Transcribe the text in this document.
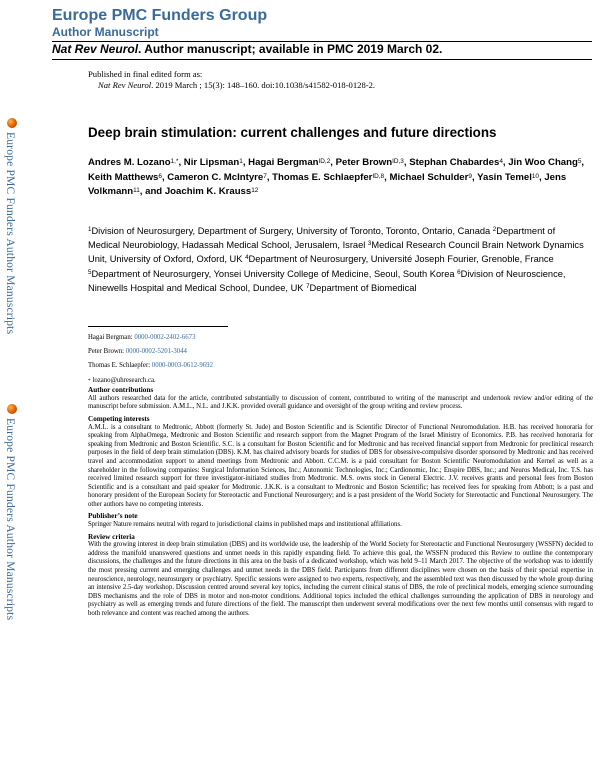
Europe PMC Funders Group
Author Manuscript
Nat Rev Neurol. Author manuscript; available in PMC 2019 March 02.
Europe PMC Funders Author Manuscripts
Europe PMC Funders Author Manuscripts
Published in final edited form as:
Nat Rev Neurol. 2019 March ; 15(3): 148–160. doi:10.1038/s41582-018-0128-2.
Deep brain stimulation: current challenges and future directions
Andres M. Lozano$^{1,*}$, Nir Lipsman$^1$, Hagai Bergman$^{ID,2}$, Peter Brown$^{ID,3}$, Stephan Chabardes$^4$, Jin Woo Chang$^5$, Keith Matthews$^6$, Cameron C. McIntyre$^7$, Thomas E. Schlaepfer$^{ID,8}$, Michael Schulder$^9$, Yasin Temel$^{10}$, Jens Volkmann$^{11}$, and Joachim K. Krauss$^{12}$
$^1$Division of Neurosurgery, Department of Surgery, University of Toronto, Toronto, Ontario, Canada $^2$Department of Medical Neurobiology, Hadassah Medical School, Jerusalem, Israel $^3$Medical Research Council Brain Network Dynamics Unit, University of Oxford, Oxford, UK $^4$Department of Neurosurgery, Université Joseph Fourier, Grenoble, France $^5$Department of Neurosurgery, Yonsei University College of Medicine, Seoul, South Korea $^6$Division of Neuroscience, Ninewells Hospital and Medical School, Dundee, UK $^7$Department of Biomedical
Hagai Bergman: 0000-0002-2402-6673
Peter Brown: 0000-0002-5201-3044
Thomas E. Schlaepfer: 0000-0003-0612-9692
* lozano@uhresearch.ca.
Author contributions

All authors researched data for the article, contributed substantially to discussion of content, contributed to writing of the manuscript and undertook review and/or editing of the manuscript before submission. A.M.L., N.L. and J.K.K. provided overall guidance and oversight of the group writing and review process.

Competing interests

A.M.L. is a consultant to Medtronic, Abbott (formerly St. Jude) and Boston Scientific and is Scientific Director of Functional Neuromodulation. H.B. has received honoraria for speaking from AlphaOmega, Medtronic and Boston Scientific and research support from the Magnet Program of the Israel Ministry of Economics. P.B. has received honoraria for speaking from Medtronic and Boston Scientific. S.C. is a consultant for Boston Scientific and for Medtronic and has received financial support from Medtronic for preclinical research purposes in the field of deep brain stimulation (DBS). K.M. has chaired advisory boards for studies of DBS for obsessive-compulsive disorder sponsored by Medtronic and has received travel and accommodation support to attend meetings from Medtronic and Abbott. C.C.M. is a paid consultant for Boston Scientific Neuromodulation and Kernel as well as a shareholder in the following companies: Surgical Information Sciences, Inc.; Autonomic Technologies, Inc.; Cardionomic, Inc.; Enspire DBS, Inc.; and Neuros Medical, Inc. T.S. has received limited research support for three investigator-initiated studies from Medtronic. M.S. owns stock in General Electric. J.V. receives grants and personal fees from Boston Scientific and is a consultant and paid speaker for Medtronic. J.K.K. is a consultant to Medtronic and Boston Scientific; has received fees for speaking from Abbott; is a past and honorary president of the European Society for Stereotactic and Functional Neurosurgery; and is a past president of the World Society for Stereotactic and Functional Neurosurgery. The other authors have no competing interests.

Publisher’s note

Springer Nature remains neutral with regard to jurisdictional claims in published maps and institutional affiliations.

Review criteria

With the growing interest in deep brain stimulation (DBS) and its worldwide use, the leadership of the World Society for Stereotactic and Functional Neurosurgery (WSSFN) decided to address the manifold unanswered questions and unmet needs in this rapidly expanding field. To achieve this goal, the WSSFN produced this Review to outline the contemporary discussions, the challenges and the future directions in this area on the basis of a dedicated workshop, which was held 9–11 March 2017. The objective of the workshop was to identify the most pressing current and emerging challenges and unmet needs in the DBS field. Participants from different disciplines were chosen on the basis of their special expertise in neuroscience, neurology, neurosurgery or psychiatry. Specific sessions were assigned to two experts, respectively, and the assembled text was then discussed by the whole group during an intensive 2.5-day workshop. Discussion centred around several key topics, including the current clinical status of DBS, the role of preclinical models, emerging science surrounding DBS mechanisms and the role of DBS in motor and non-motor conditions. Additional topics included the ethical challenges surrounding the application of DBS in neurology and psychiatry as well as emerging trends and future directions of the field. The manuscript then underwent several modifications over the next few months until consensus with regard to both relevance and content was reached among the authors.
